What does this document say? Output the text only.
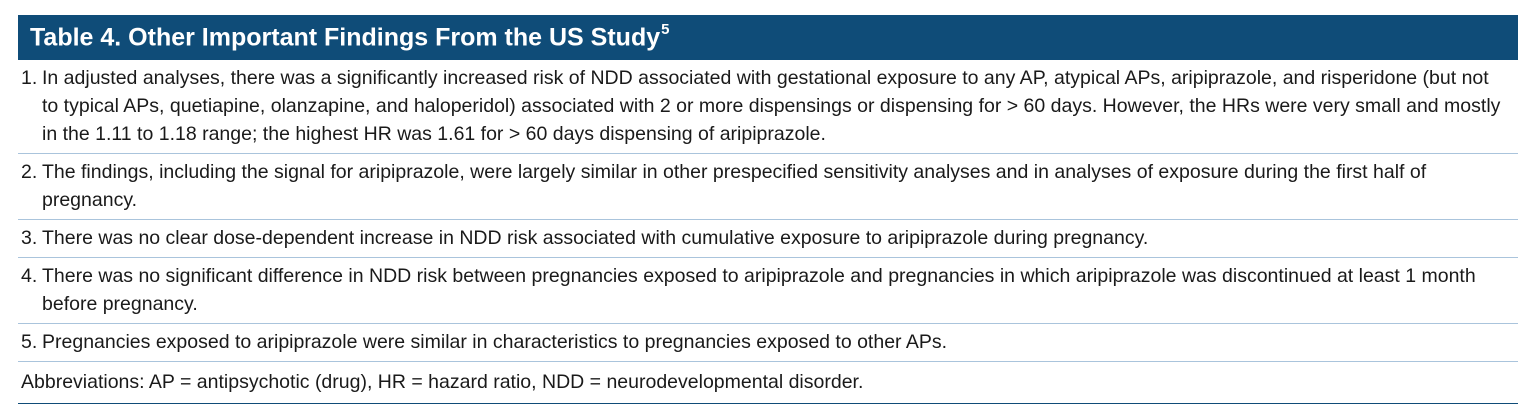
Table 4. Other Important Findings From the US Study$^5$
1. In adjusted analyses, there was a significantly increased risk of NDD associated with gestational exposure to any AP, atypical APs, aripiprazole, and risperidone (but not to typical APs, quetiapine, olanzapine, and haloperidol) associated with 2 or more dispensings or dispensing for > 60 days. However, the HRs were very small and mostly in the 1.11 to 1.18 range; the highest HR was 1.61 for > 60 days dispensing of aripiprazole.
2. The findings, including the signal for aripiprazole, were largely similar in other prespecified sensitivity analyses and in analyses of exposure during the first half of pregnancy.
3. There was no clear dose-dependent increase in NDD risk associated with cumulative exposure to aripiprazole during pregnancy.
4. There was no significant difference in NDD risk between pregnancies exposed to aripiprazole and pregnancies in which aripiprazole was discontinued at least 1 month before pregnancy.
5. Pregnancies exposed to aripiprazole were similar in characteristics to pregnancies exposed to other APs.
Abbreviations: AP = antipsychotic (drug), HR = hazard ratio, NDD = neurodevelopmental disorder.
